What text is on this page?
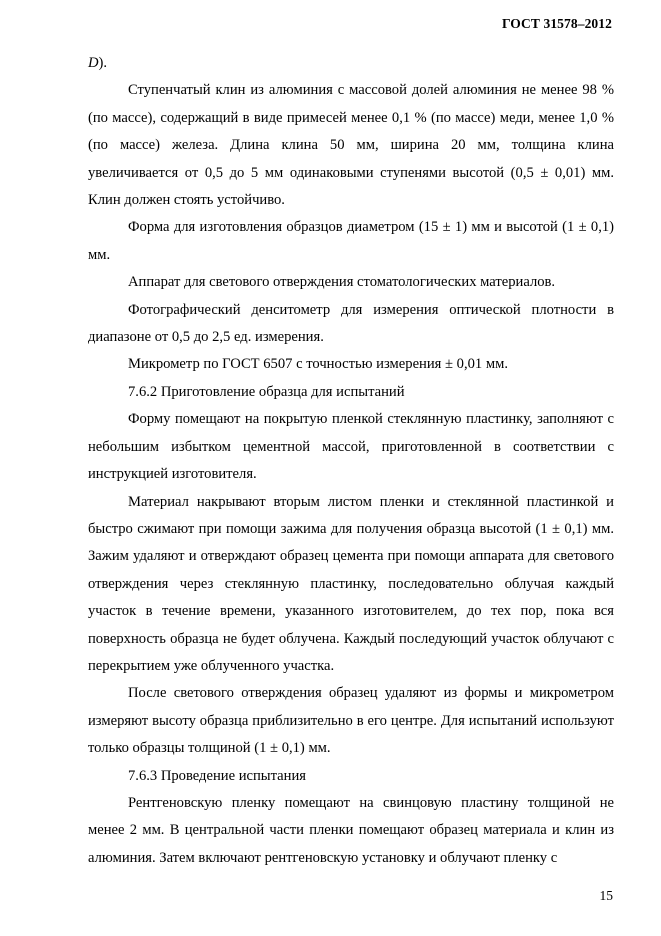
ГОСТ 31578–2012

D).

Ступенчатый клин из алюминия с массовой долей алюминия не менее 98 % (по массе), содержащий в виде примесей менее 0,1 % (по массе) меди, менее 1,0 % (по массе) железа. Длина клина 50 мм, ширина 20 мм, толщина клина увеличивается от 0,5 до 5 мм одинаковыми ступенями высотой (0,5 ± 0,01) мм. Клин должен стоять устойчиво.

Форма для изготовления образцов диаметром (15 ± 1) мм и высотой (1 ± 0,1) мм.

Аппарат для светового отверждения стоматологических материалов.

Фотографический денситометр для измерения оптической плотности в диапазоне от 0,5 до 2,5 ед. измерения.

Микрометр по ГОСТ 6507 с точностью измерения ± 0,01 мм.

7.6.2 Приготовление образца для испытаний

Форму помещают на покрытую пленкой стеклянную пластинку, заполняют с небольшим избытком цементной массой, приготовленной в соответствии с инструкцией изготовителя.

Материал накрывают вторым листом пленки и стеклянной пластинкой и быстро сжимают при помощи зажима для получения образца высотой (1 ± 0,1) мм. Зажим удаляют и отверждают образец цемента при помощи аппарата для светового отверждения через стеклянную пластинку, последовательно облучая каждый участок в течение времени, указанного изготовителем, до тех пор, пока вся поверхность образца не будет облучена. Каждый последующий участок облучают с перекрытием уже облученного участка.

После светового отверждения образец удаляют из формы и микрометром измеряют высоту образца приблизительно в его центре. Для испытаний используют только образцы толщиной (1 ± 0,1) мм.

7.6.3 Проведение испытания

Рентгеновскую пленку помещают на свинцовую пластину толщиной не менее 2 мм. В центральной части пленки помещают образец материала и клин из алюминия. Затем включают рентгеновскую установку и облучают пленку с

15
